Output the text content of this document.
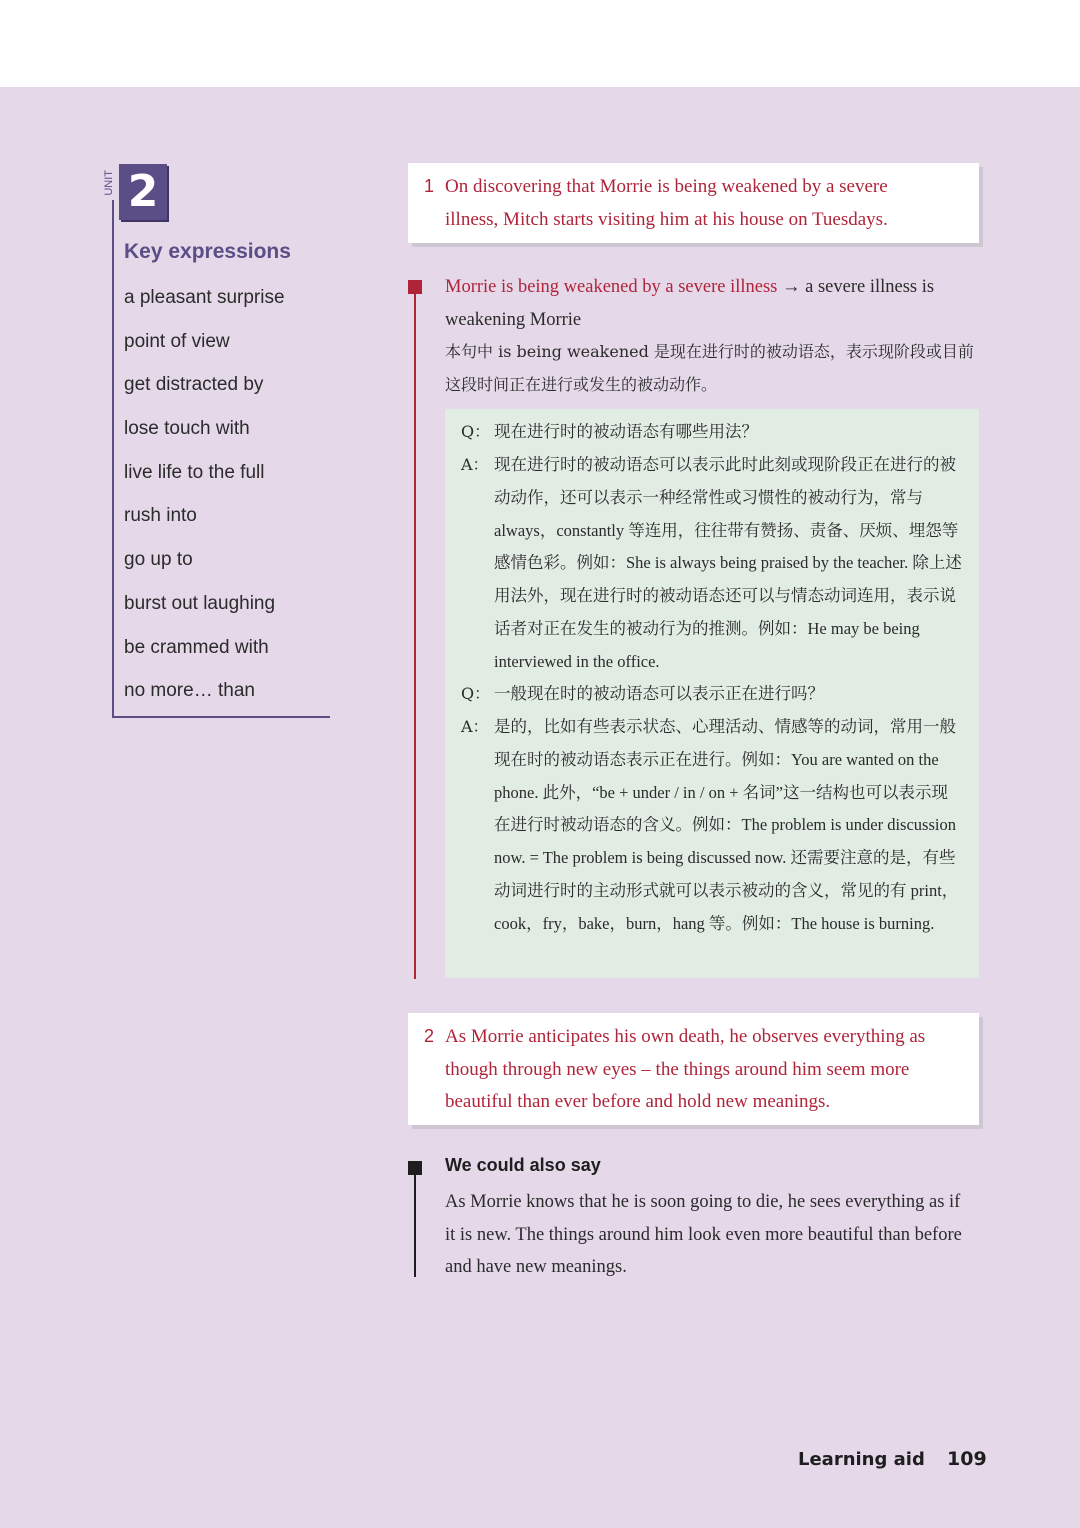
UNIT 2
Key expressions
a pleasant surprise
point of view
get distracted by
lose touch with
live life to the full
rush into
go up to
burst out laughing
be crammed with
no more… than
1 On discovering that Morrie is being weakened by a severe illness, Mitch starts visiting him at his house on Tuesdays.
Morrie is being weakened by a severe illness → a severe illness is weakening Morrie
本句中 is being weakened 是现在进行时的被动语态，表示现阶段或目前这段时间正在进行或发生的被动动作。
Q： 现在进行时的被动语态有哪些用法？
A： 现在进行时的被动语态可以表示此时此刻或现阶段正在进行的被动动作，还可以表示一种经常性或习惯性的被动行为，常与 always，constantly 等连用，往往带有赞扬、责备、厌烦、埋怨等感情色彩。例如：She is always being praised by the teacher. 除上述用法外，现在进行时的被动语态还可以与情态动词连用，表示说话者对正在发生的被动行为的推测。例如：He may be being interviewed in the office.
Q： 一般现在时的被动语态可以表示正在进行吗？
A： 是的，比如有些表示状态、心理活动、情感等的动词，常用一般现在时的被动语态表示正在进行。例如：You are wanted on the phone. 此外，“be + under / in / on + 名词”这一结构也可以表示现在进行时被动语态的含义。例如：The problem is under discussion now. = The problem is being discussed now. 还需要注意的是，有些动词进行时的主动形式就可以表示被动的含义，常见的有 print，cook，fry，bake，burn，hang 等。例如：The house is burning.
2 As Morrie anticipates his own death, he observes everything as though through new eyes – the things around him seem more beautiful than ever before and hold new meanings.
We could also say
As Morrie knows that he is soon going to die, he sees everything as if it is new. The things around him look even more beautiful than before and have new meanings.
Learning aid 109
